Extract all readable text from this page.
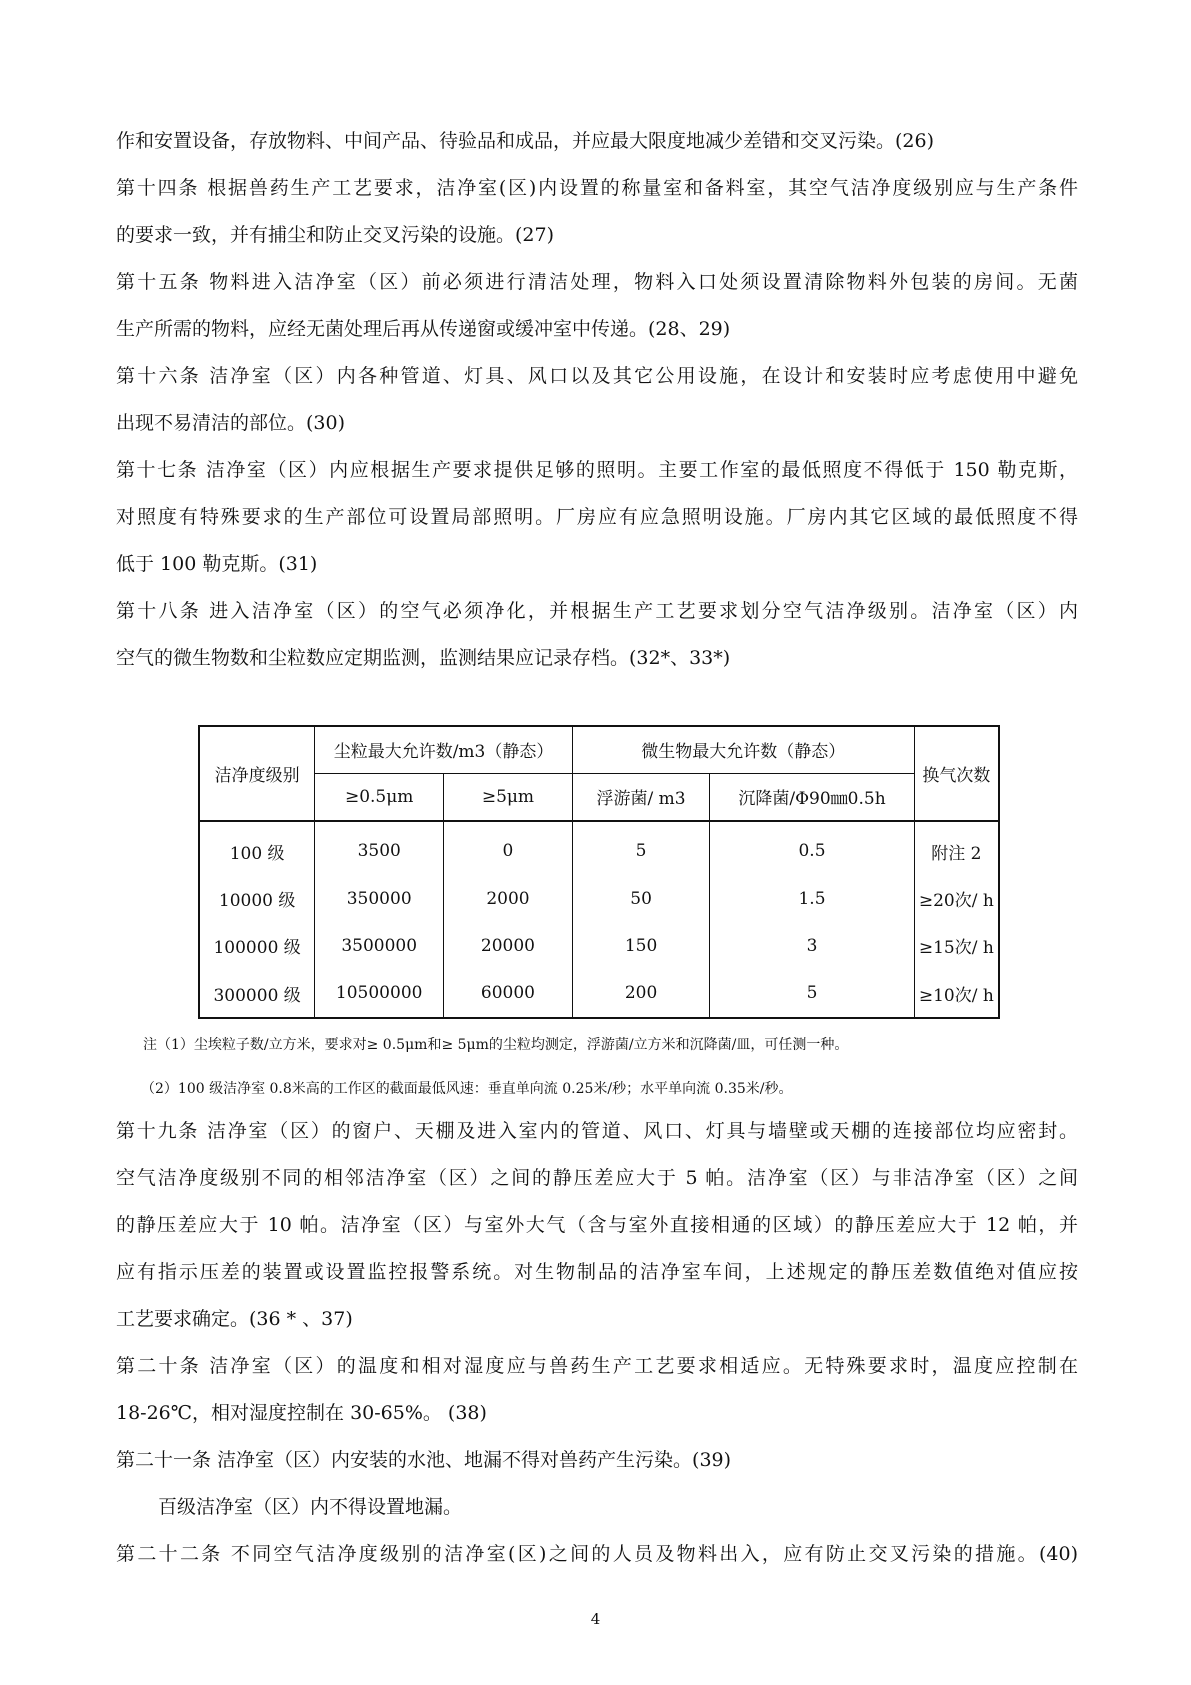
作和安置设备，存放物料、中间产品、待验品和成品，并应最大限度地减少差错和交叉污染。(26)
第十四条 根据兽药生产工艺要求，洁净室(区)内设置的称量室和备料室，其空气洁净度级别应与生产条件
的要求一致，并有捕尘和防止交叉污染的设施。(27)
第十五条 物料进入洁净室（区）前必须进行清洁处理，物料入口处须设置清除物料外包装的房间。无菌
生产所需的物料，应经无菌处理后再从传递窗或缓冲室中传递。(28、29)
第十六条 洁净室（区）内各种管道、灯具、风口以及其它公用设施，在设计和安装时应考虑使用中避免
出现不易清洁的部位。(30)
第十七条 洁净室（区）内应根据生产要求提供足够的照明。主要工作室的最低照度不得低于 150 勒克斯，
对照度有特殊要求的生产部位可设置局部照明。厂房应有应急照明设施。厂房内其它区域的最低照度不得
低于 100 勒克斯。(31)
第十八条 进入洁净室（区）的空气必须净化，并根据生产工艺要求划分空气洁净级别。洁净室（区）内
空气的微生物数和尘粒数应定期监测，监测结果应记录存档。(32*、33*)
洁净度级别	尘粒最大允许数/m3（静态）		微生物最大允许数（静态）		换气次数
	≥0.5μm	≥5μm	浮游菌/ m3	沉降菌/Φ90㎜0.5h	
100 级	3500	0	5	0.5	附注 2
10000 级	350000	2000	50	1.5	≥20次/ h
100000 级	3500000	20000	150	3	≥15次/ h
300000 级	10500000	60000	200	5	≥10次/ h
注（1）尘埃粒子数/立方米，要求对≥ 0.5μm和≥ 5μm的尘粒均测定，浮游菌/立方米和沉降菌/皿，可任测一种。
（2）100 级洁净室 0.8米高的工作区的截面最低风速：垂直单向流 0.25米/秒；水平单向流 0.35米/秒。
第十九条 洁净室（区）的窗户、天棚及进入室内的管道、风口、灯具与墙壁或天棚的连接部位均应密封。
空气洁净度级别不同的相邻洁净室（区）之间的静压差应大于 5 帕。洁净室（区）与非洁净室（区）之间
的静压差应大于 10 帕。洁净室（区）与室外大气（含与室外直接相通的区域）的静压差应大于 12 帕，并
应有指示压差的装置或设置监控报警系统。对生物制品的洁净室车间，上述规定的静压差数值绝对值应按
工艺要求确定。(36 * 、37)
第二十条 洁净室（区）的温度和相对湿度应与兽药生产工艺要求相适应。无特殊要求时，温度应控制在
18-26℃，相对湿度控制在 30-65%。 (38)
第二十一条 洁净室（区）内安装的水池、地漏不得对兽药产生污染。(39)
百级洁净室（区）内不得设置地漏。
第二十二条 不同空气洁净度级别的洁净室(区)之间的人员及物料出入，应有防止交叉污染的措施。(40)
4
